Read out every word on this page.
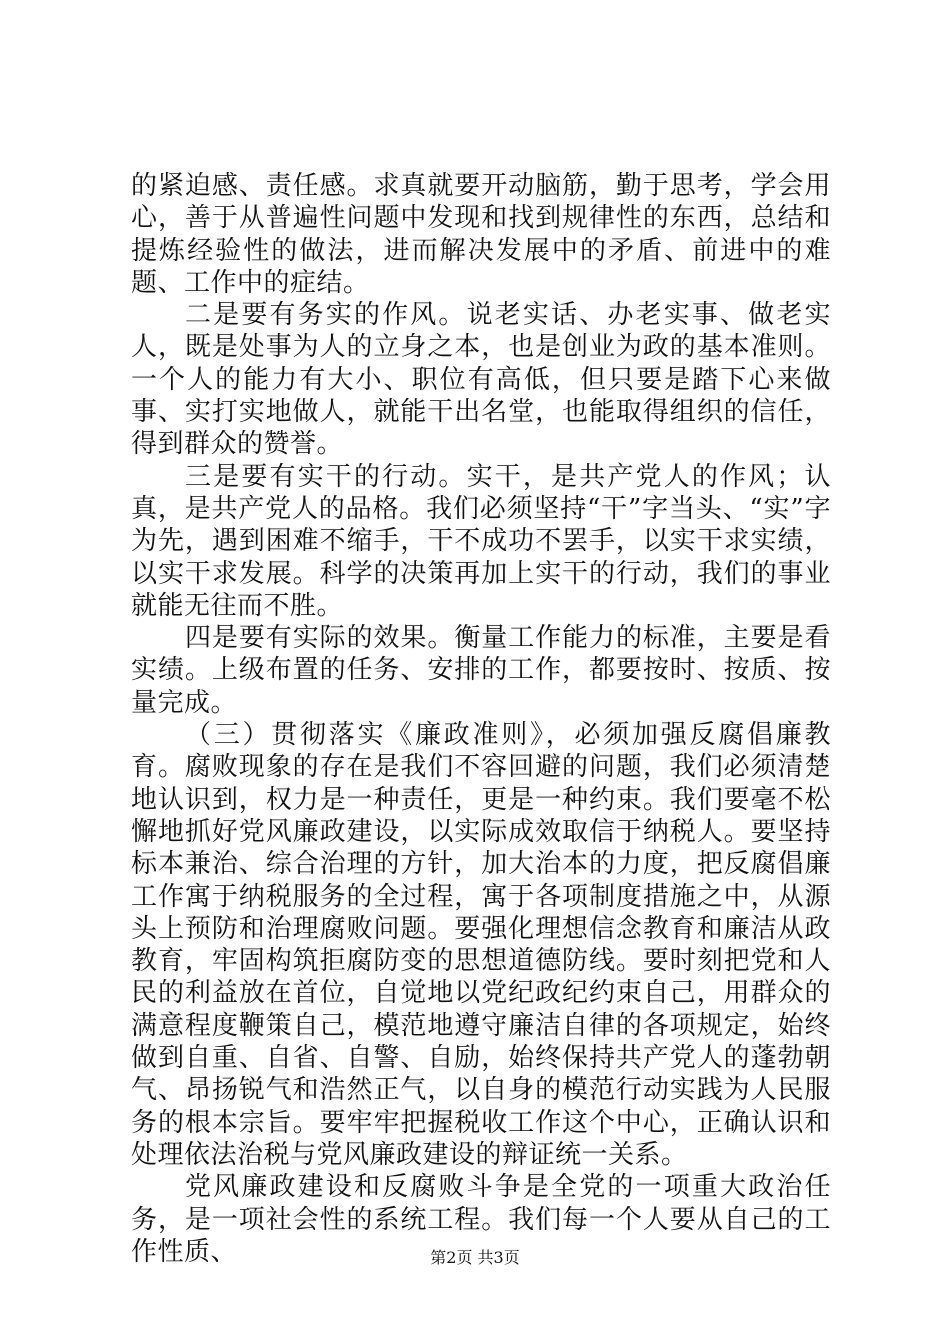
的紧迫感、责任感。求真就要开动脑筋，勤于思考，学会用心，善于从普遍性问题中发现和找到规律性的东西，总结和提炼经验性的做法，进而解决发展中的矛盾、前进中的难题、工作中的症结。

二是要有务实的作风。说老实话、办老实事、做老实人，既是处事为人的立身之本，也是创业为政的基本准则。一个人的能力有大小、职位有高低，但只要是踏下心来做事、实打实地做人，就能干出名堂，也能取得组织的信任，得到群众的赞誉。

三是要有实干的行动。实干，是共产党人的作风；认真，是共产党人的品格。我们必须坚持“干”字当头、“实”字为先，遇到困难不缩手，干不成功不罢手，以实干求实绩，以实干求发展。科学的决策再加上实干的行动，我们的事业就能无往而不胜。

四是要有实际的效果。衡量工作能力的标准，主要是看实绩。上级布置的任务、安排的工作，都要按时、按质、按量完成。

（三）贯彻落实《廉政准则》，必须加强反腐倡廉教育。腐败现象的存在是我们不容回避的问题，我们必须清楚地认识到，权力是一种责任，更是一种约束。我们要毫不松懈地抓好党风廉政建设，以实际成效取信于纳税人。要坚持标本兼治、综合治理的方针，加大治本的力度，把反腐倡廉工作寓于纳税服务的全过程，寓于各项制度措施之中，从源头上预防和治理腐败问题。要强化理想信念教育和廉洁从政教育，牢固构筑拒腐防变的思想道德防线。要时刻把党和人民的利益放在首位，自觉地以党纪政纪约束自己，用群众的满意程度鞭策自己，模范地遵守廉洁自律的各项规定，始终做到自重、自省、自警、自励，始终保持共产党人的蓬勃朝气、昂扬锐气和浩然正气，以自身的模范行动实践为人民服务的根本宗旨。要牢牢把握税收工作这个中心，正确认识和处理依法治税与党风廉政建设的辩证统一关系。

党风廉政建设和反腐败斗争是全党的一项重大政治任务，是一项社会性的系统工程。我们每一个人要从自己的工作性质、	第2页 共3页
